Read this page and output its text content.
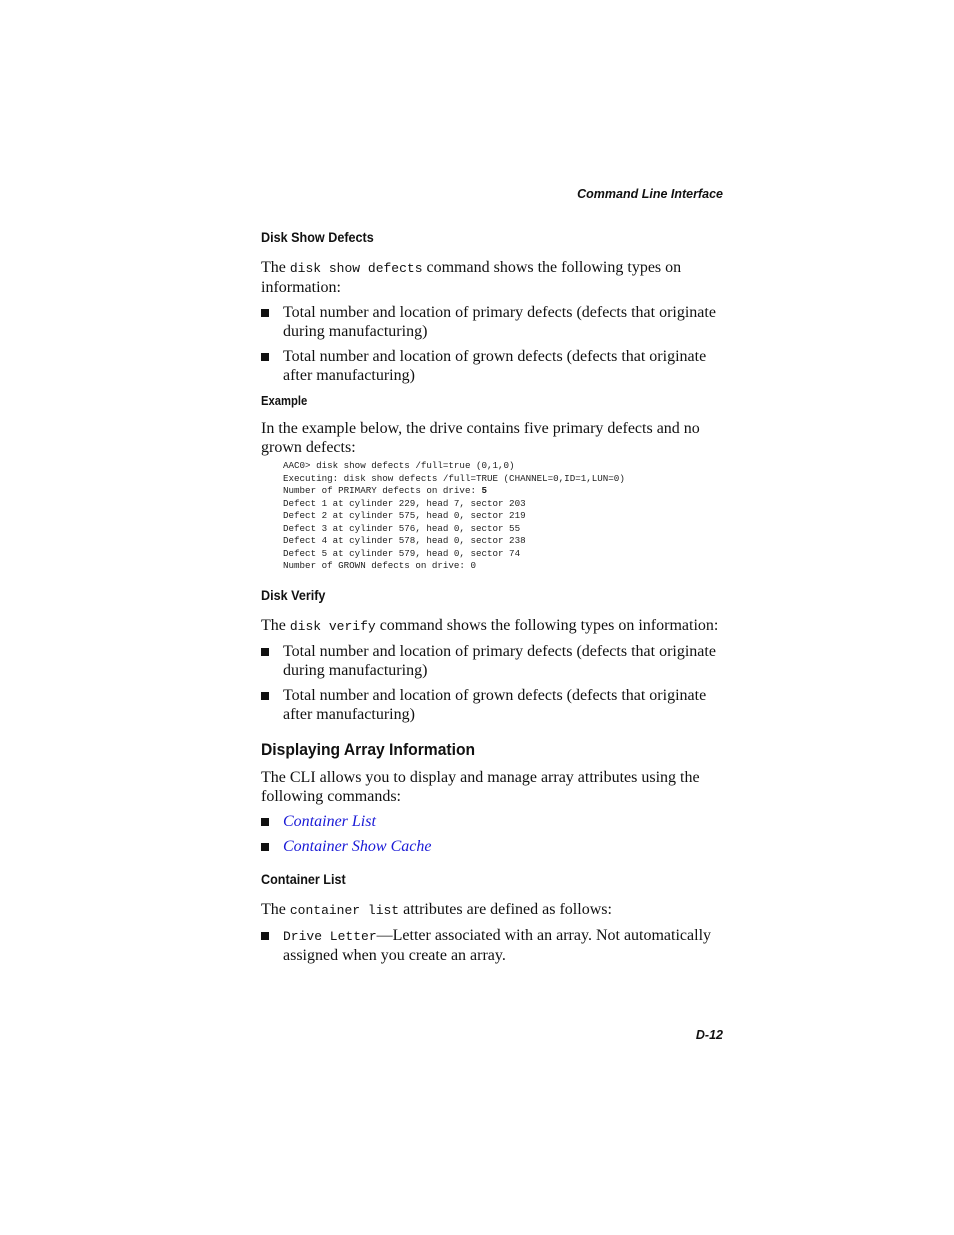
Command Line Interface
Disk Show Defects

The disk show defects command shows the following types on information:

Total number and location of primary defects (defects that originate during manufacturing)
Total number and location of grown defects (defects that originate after manufacturing)
Example

In the example below, the drive contains five primary defects and no grown defects:

AAC0> disk show defects /full=true (0,1,0)
Executing: disk show defects /full=TRUE (CHANNEL=0,ID=1,LUN=0)
Number of PRIMARY defects on drive: 5
Defect 1 at cylinder 229, head 7, sector 203
Defect 2 at cylinder 575, head 0, sector 219
Defect 3 at cylinder 576, head 0, sector 55
Defect 4 at cylinder 578, head 0, sector 238
Defect 5 at cylinder 579, head 0, sector 74
Number of GROWN defects on drive: 0
Disk Verify

The disk verify command shows the following types on information:

Total number and location of primary defects (defects that originate during manufacturing)
Total number and location of grown defects (defects that originate after manufacturing)
Displaying Array Information

The CLI allows you to display and manage array attributes using the following commands:

Container List
Container Show Cache
Container List

The container list attributes are defined as follows:

Drive Letter—Letter associated with an array. Not automatically assigned when you create an array.
D-12
